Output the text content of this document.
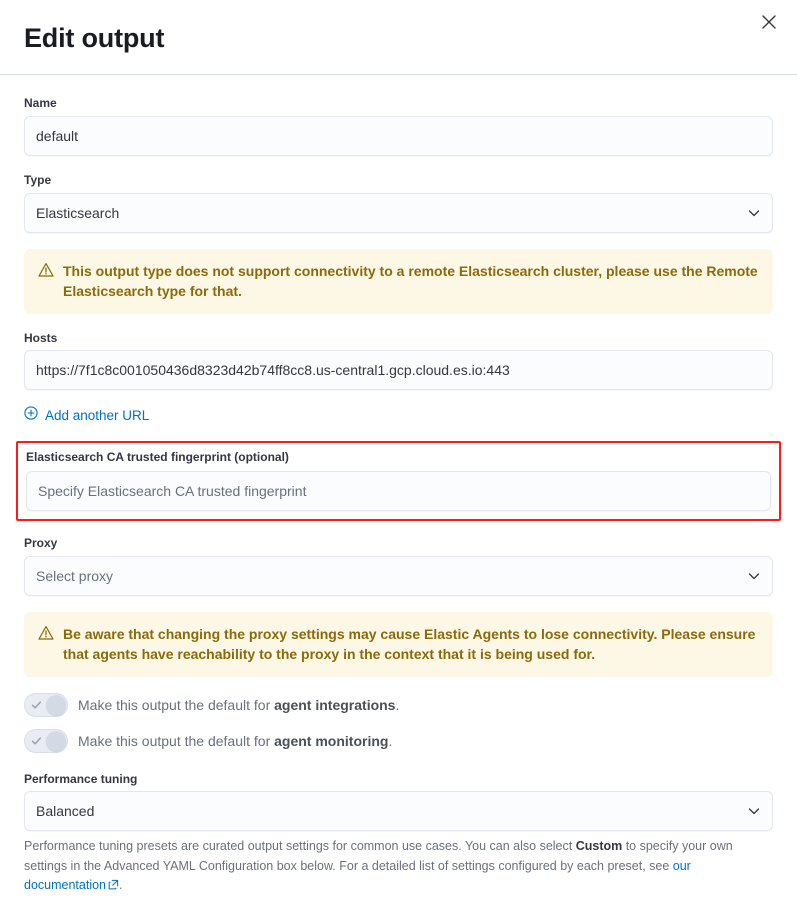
Edit output
Name
default
Type
Elasticsearch
This output type does not support connectivity to a remote Elasticsearch cluster, please use the Remote Elasticsearch type for that.
Hosts
https://7f1c8c001050436d8323d42b74ff8cc8.us-central1.gcp.cloud.es.io:443
Add another URL
Elasticsearch CA trusted fingerprint (optional)
Specify Elasticsearch CA trusted fingerprint
Proxy
Select proxy
Be aware that changing the proxy settings may cause Elastic Agents to lose connectivity. Please ensure that agents have reachability to the proxy in the context that it is being used for.
Make this output the default for agent integrations.
Make this output the default for agent monitoring.
Performance tuning
Balanced
Performance tuning presets are curated output settings for common use cases. You can also select Custom to specify your own settings in the Advanced YAML Configuration box below. For a detailed list of settings configured by each preset, see our documentation .
